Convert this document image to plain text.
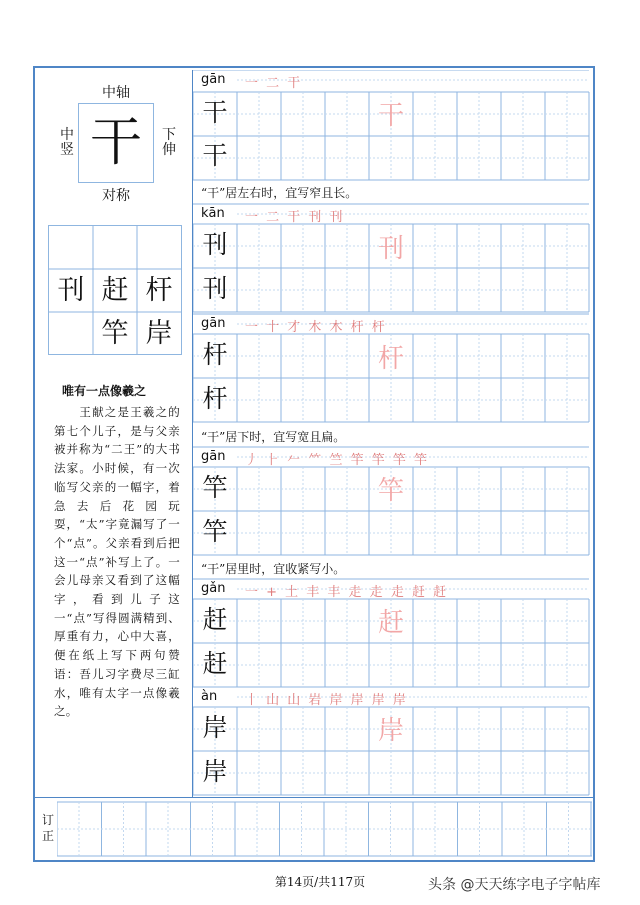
中轴
中竖
下伸
对称
干
刊 赶 杆
竿 岸
唯有一点像羲之
　　王献之是王羲之的第七个儿子，是与父亲被并称为“二王”的大书法家。小时候，有一次临写父亲的一幅字，着急去后花园玩耍，“太”字竟漏写了一个“点”。父亲看到后把这一“点”补写上了。一会儿母亲又看到了这幅字，看到儿子这一“点”写得圆满精到、厚重有力，心中大喜，便在纸上写下两句赞语：吾儿习字费尽三缸水，唯有太字一点像羲之。
gān 一 二 干
干
干
干
“干”居左右时，宜写窄且长。
kān 一 二 干 刊 刊
刊
刊
刊
gān 一 十 才 木 木 杆 杆
杆
杆
杆
“干”居下时，宜写宽且扁。
gān 丿 ⺊ 𠂉 ⺮ 竺 竿 竿 竿 竿
竿
竿
竿
“干”居里时，宜收紧写小。
gǎn 一 + 土 丰 丰 走 走 走 赶 赶
赶
赶
赶
àn 丨 山 山 岩 岸 岸 岸 岸
岸
岸
岸
订正
第14页/共117页	头条 @天天练字电子字帖库
